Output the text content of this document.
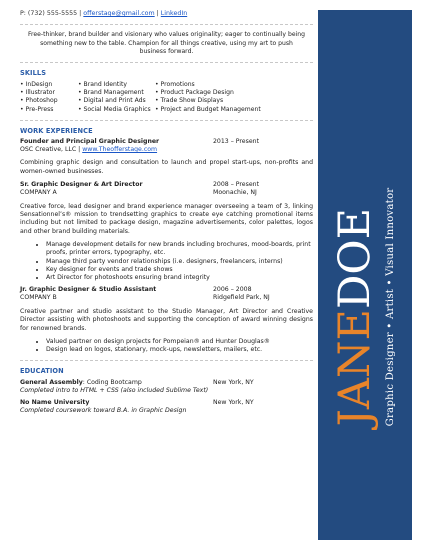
P: (732) 555-5555 | offerstage@gmail.com | LinkedIn
Free-thinker, brand builder and visionary who values originality; eager to continually being something new to the table. Champion for all things creative, using my art to push business forward.
SKILLS
• InDesign	• Brand Identity	• Promotions
• Illustrator	• Brand Management	• Product Package Design
• Photoshop	• Digital and Print Ads	• Trade Show Displays
• Pre-Press	• Social Media Graphics	• Project and Budget Management
WORK EXPERIENCE
Founder and Principal Graphic Designer	2013 – Present
OSC Creative, LLC | www.Theofferstage.com
Combining graphic design and consultation to launch and propel start-ups, non-profits and women-owned businesses.
Sr. Graphic Designer & Art Director	2008 – Present
COMPANY A	Moonachie, NJ
Creative force, lead designer and brand experience manager overseeing a team of 3, linking Sensationnel’s® mission to trendsetting graphics to create eye catching promotional items including but not limited to package design, magazine advertisements, color palettes, logos and other brand building materials.
• Manage development details for new brands including brochures, mood-boards, print proofs, printer errors, typography, etc.
• Manage third party vendor relationships (i.e. designers, freelancers, interns)
• Key designer for events and trade shows
• Art Director for photoshoots ensuring brand integrity
Jr. Graphic Designer & Studio Assistant	2006 – 2008
COMPANY B	Ridgefield Park, NJ
Creative partner and studio assistant to the Studio Manager, Art Director and Creative Director assisting with photoshoots and supporting the conception of award winning designs for renowned brands.
• Valued partner on design projects for Pompeian® and Hunter Douglas®
• Design lead on logos, stationary, mock-ups, newsletters, mailers, etc.
EDUCATION
General Assembly: Coding Bootcamp	New York, NY
Completed intro to HTML + CSS (also included Sublime Text)
No Name University	New York, NY
Completed coursework toward B.A. in Graphic Design	JANEDOE Graphic Designer • Artist • Visual Innovator
